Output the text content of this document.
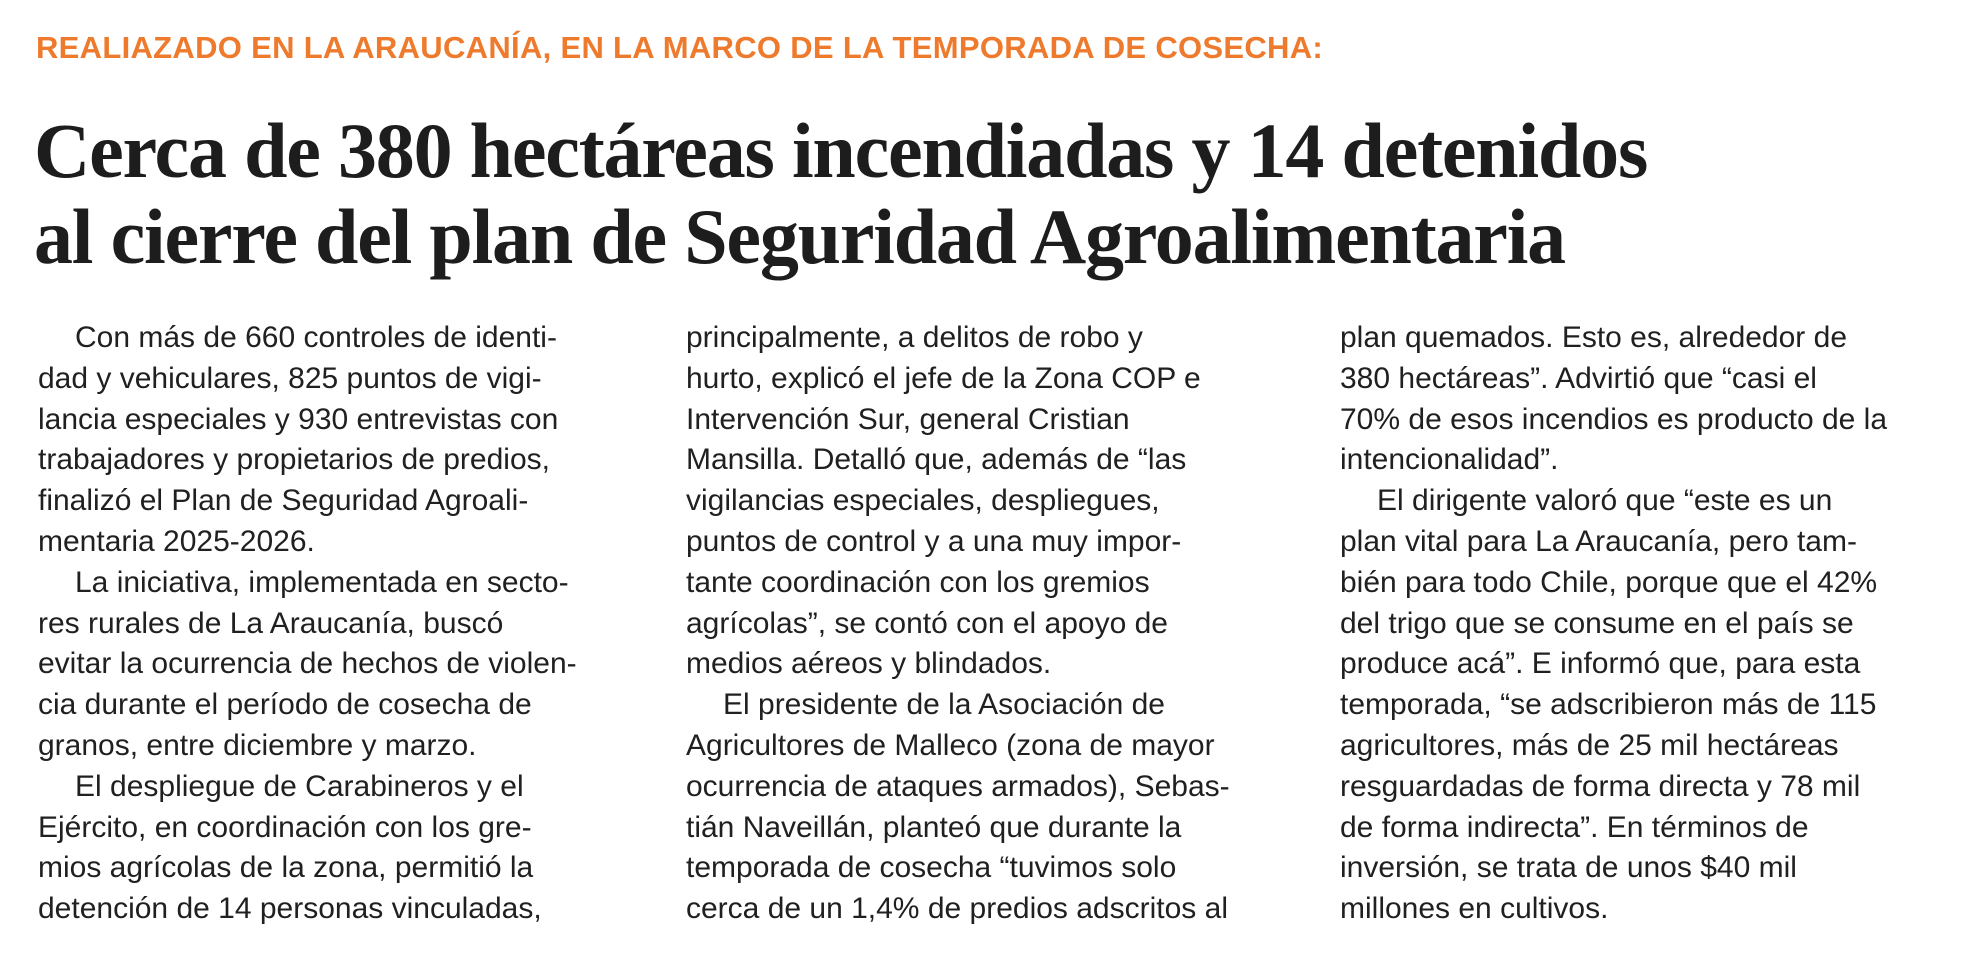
REALIAZADO EN LA ARAUCANÍA, EN LA MARCO DE LA TEMPORADA DE COSECHA:
Cerca de 380 hectáreas incendiadas y 14 detenidos
al cierre del plan de Seguridad Agroalimentaria
Con más de 660 controles de identi-
dad y vehiculares, 825 puntos de vigi-
lancia especiales y 930 entrevistas con
trabajadores y propietarios de predios,
finalizó el Plan de Seguridad Agroali-
mentaria 2025-2026.
La iniciativa, implementada en secto-
res rurales de La Araucanía, buscó
evitar la ocurrencia de hechos de violen-
cia durante el período de cosecha de
granos, entre diciembre y marzo.
El despliegue de Carabineros y el
Ejército, en coordinación con los gre-
mios agrícolas de la zona, permitió la
detención de 14 personas vinculadas,
principalmente, a delitos de robo y
hurto, explicó el jefe de la Zona COP e
Intervención Sur, general Cristian
Mansilla. Detalló que, además de “las
vigilancias especiales, despliegues,
puntos de control y a una muy impor-
tante coordinación con los gremios
agrícolas”, se contó con el apoyo de
medios aéreos y blindados.
El presidente de la Asociación de
Agricultores de Malleco (zona de mayor
ocurrencia de ataques armados), Sebas-
tián Naveillán, planteó que durante la
temporada de cosecha “tuvimos solo
cerca de un 1,4% de predios adscritos al
plan quemados. Esto es, alrededor de
380 hectáreas”. Advirtió que “casi el
70% de esos incendios es producto de la
intencionalidad”.
El dirigente valoró que “este es un
plan vital para La Araucanía, pero tam-
bién para todo Chile, porque que el 42%
del trigo que se consume en el país se
produce acá”. E informó que, para esta
temporada, “se adscribieron más de 115
agricultores, más de 25 mil hectáreas
resguardadas de forma directa y 78 mil
de forma indirecta”. En términos de
inversión, se trata de unos $40 mil
millones en cultivos.
